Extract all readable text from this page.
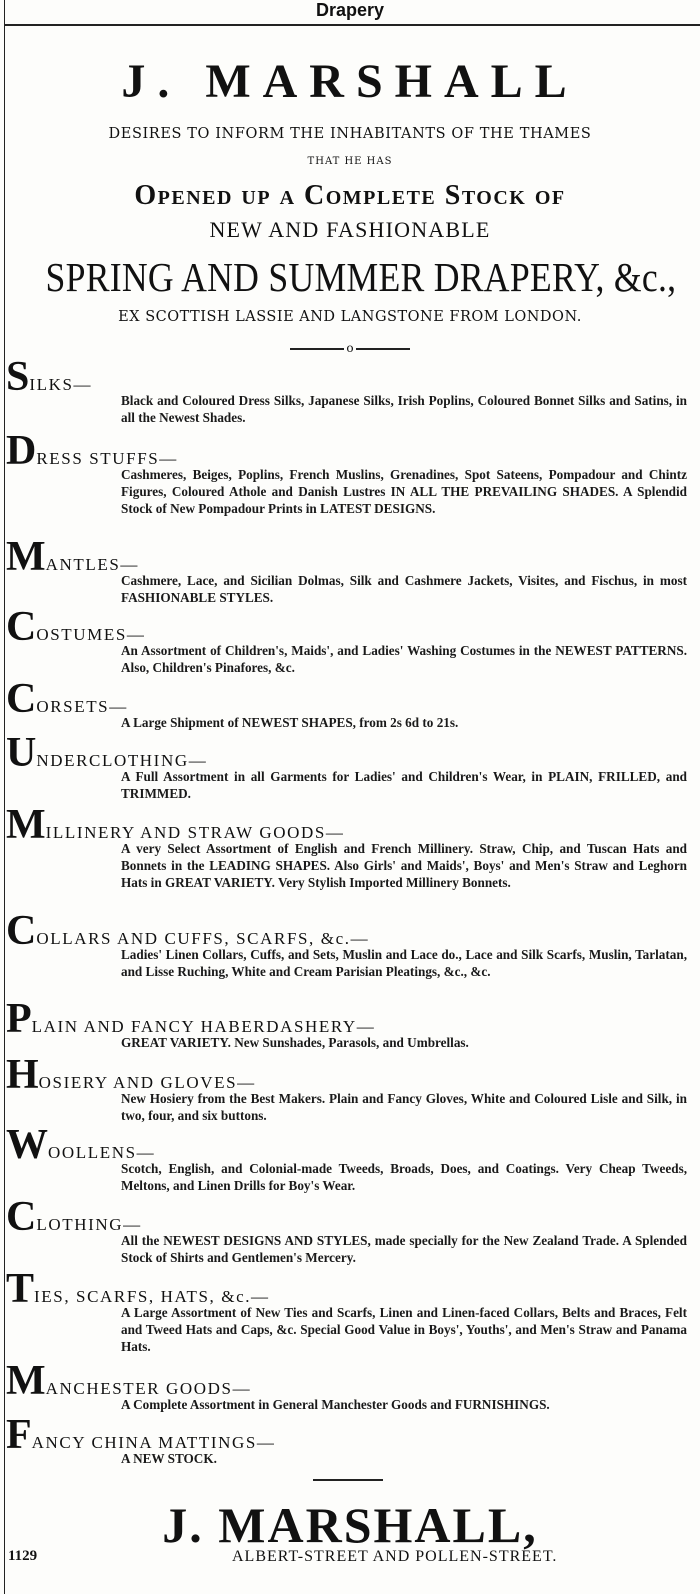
Drapery
J. MARSHALL
DESIRES TO INFORM THE INHABITANTS OF THE THAMES
THAT HE HAS
Opened up a Complete Stock of
NEW AND FASHIONABLE
SPRING AND SUMMER DRAPERY, &c.,
EX SCOTTISH LASSIE AND LANGSTONE FROM LONDON.
o
SILKS—
Black and Coloured Dress Silks, Japanese Silks, Irish Poplins, Coloured Bonnet Silks and Satins, in all the Newest Shades.
DRESS STUFFS—
Cashmeres, Beiges, Poplins, French Muslins, Grenadines, Spot Sateens, Pompadour and Chintz Figures, Coloured Athole and Danish Lustres IN ALL THE PREVAILING SHADES. A Splendid Stock of New Pompadour Prints in LATEST DESIGNS.
MANTLES—
Cashmere, Lace, and Sicilian Dolmas, Silk and Cashmere Jackets, Visites, and Fischus, in most FASHIONABLE STYLES.
COSTUMES—
An Assortment of Children's, Maids', and Ladies' Washing Costumes in the NEWEST PATTERNS. Also, Children's Pinafores, &c.
CORSETS—
A Large Shipment of NEWEST SHAPES, from 2s 6d to 21s.
UNDERCLOTHING—
A Full Assortment in all Garments for Ladies' and Children's Wear, in PLAIN, FRILLED, and TRIMMED.
MILLINERY AND STRAW GOODS—
A very Select Assortment of English and French Millinery. Straw, Chip, and Tuscan Hats and Bonnets in the LEADING SHAPES. Also Girls' and Maids', Boys' and Men's Straw and Leghorn Hats in GREAT VARIETY. Very Stylish Imported Millinery Bonnets.
COLLARS AND CUFFS, SCARFS, &c.—
Ladies' Linen Collars, Cuffs, and Sets, Muslin and Lace do., Lace and Silk Scarfs, Muslin, Tarlatan, and Lisse Ruching, White and Cream Parisian Pleatings, &c., &c.
PLAIN AND FANCY HABERDASHERY—
GREAT VARIETY. New Sunshades, Parasols, and Umbrellas.
HOSIERY AND GLOVES—
New Hosiery from the Best Makers. Plain and Fancy Gloves, White and Coloured Lisle and Silk, in two, four, and six buttons.
WOOLLENS—
Scotch, English, and Colonial-made Tweeds, Broads, Does, and Coatings. Very Cheap Tweeds, Meltons, and Linen Drills for Boy's Wear.
CLOTHING—
All the NEWEST DESIGNS AND STYLES, made specially for the New Zealand Trade. A Splended Stock of Shirts and Gentlemen's Mercery.
TIES, SCARFS, HATS, &c.—
A Large Assortment of New Ties and Scarfs, Linen and Linen-faced Collars, Belts and Braces, Felt and Tweed Hats and Caps, &c. Special Good Value in Boys', Youths', and Men's Straw and Panama Hats.
MANCHESTER GOODS—
A Complete Assortment in General Manchester Goods and FURNISHINGS.
FANCY CHINA MATTINGS—
A NEW STOCK.
J. MARSHALL,
1129	ALBERT-STREET AND POLLEN-STREET.
